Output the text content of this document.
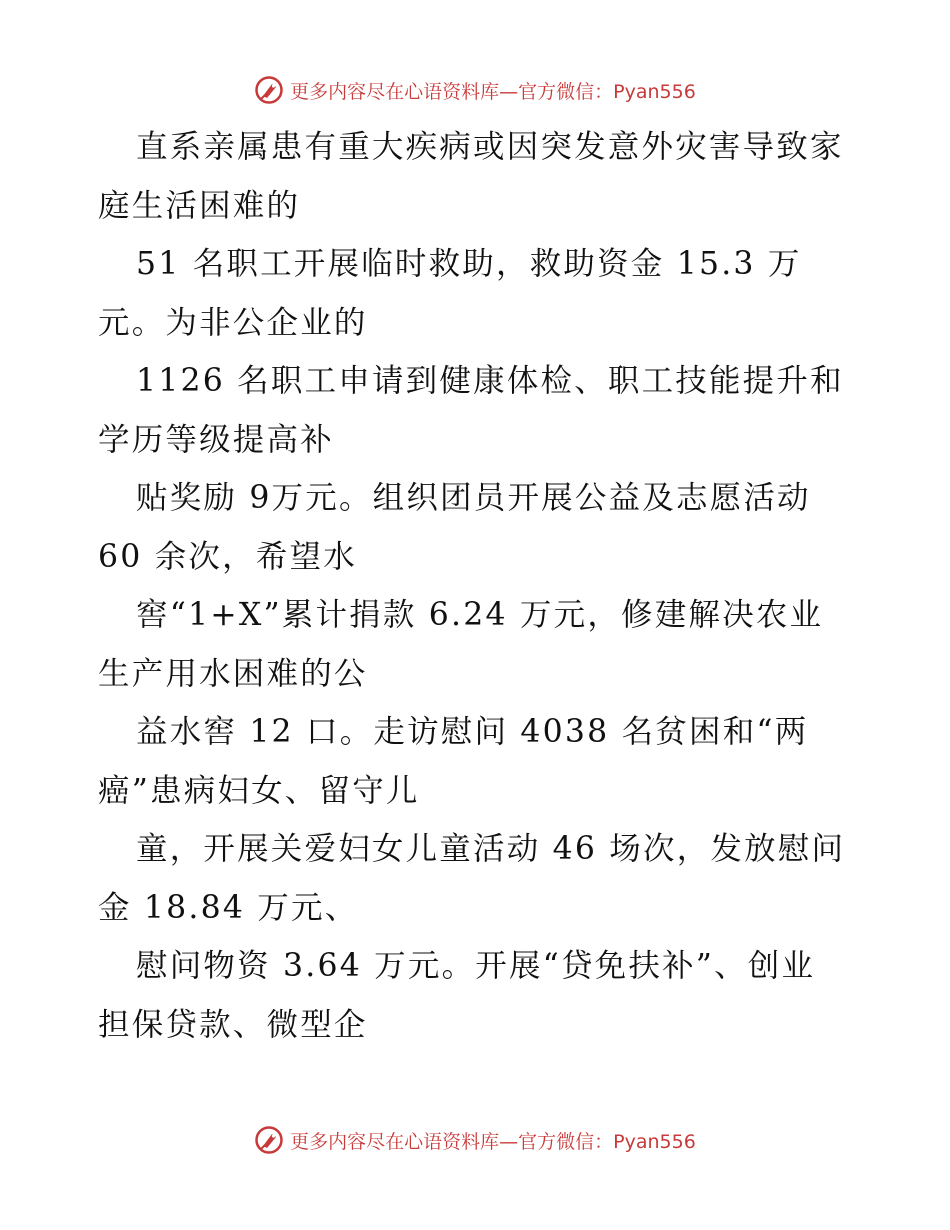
更多内容尽在心语资料库—官方微信：Pyan556
直系亲属患有重大疾病或因突发意外灾害导致家
庭生活困难的
51 名职工开展临时救助，救助资金 15.3 万
元。为非公企业的
1126 名职工申请到健康体检、职工技能提升和
学历等级提高补
贴奖励 9万元。组织团员开展公益及志愿活动
60 余次，希望水
窖“1+X”累计捐款 6.24 万元，修建解决农业
生产用水困难的公
益水窖 12 口。走访慰问 4038 名贫困和“两
癌”患病妇女、留守儿
童，开展关爱妇女儿童活动 46 场次，发放慰问
金 18.84 万元、
慰问物资 3.64 万元。开展“贷免扶补”、创业
担保贷款、微型企
更多内容尽在心语资料库—官方微信：Pyan556
